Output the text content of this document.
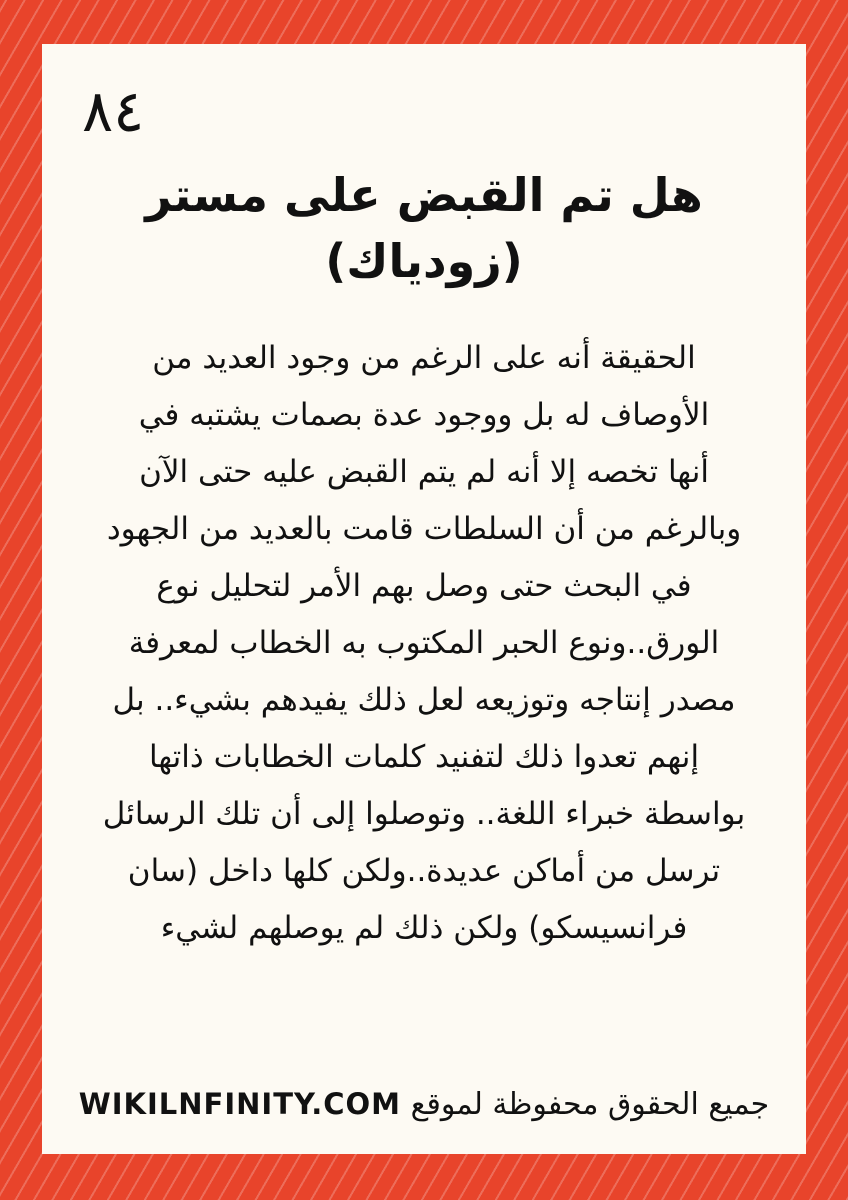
٨٤
هل تم القبض على مستر (زودياك)
الحقيقة أنه على الرغم من وجود العديد من
الأوصاف له بل ووجود عدة بصمات يشتبه في
أنها تخصه إلا أنه لم يتم القبض عليه حتى الآن
وبالرغم من أن السلطات قامت بالعديد من الجهود
في البحث حتى وصل بهم الأمر لتحليل نوع
الورق..ونوع الحبر المكتوب به الخطاب لمعرفة
مصدر إنتاجه وتوزيعه لعل ذلك يفيدهم بشيء.. بل
إنهم تعدوا ذلك لتفنيد كلمات الخطابات ذاتها
بواسطة خبراء اللغة.. وتوصلوا إلى أن تلك الرسائل
ترسل من أماكن عديدة..ولكن كلها داخل (سان
فرانسيسكو) ولكن ذلك لم يوصلهم لشيء
جميع الحقوق محفوظة لموقع WIKILNFINITY.COM
